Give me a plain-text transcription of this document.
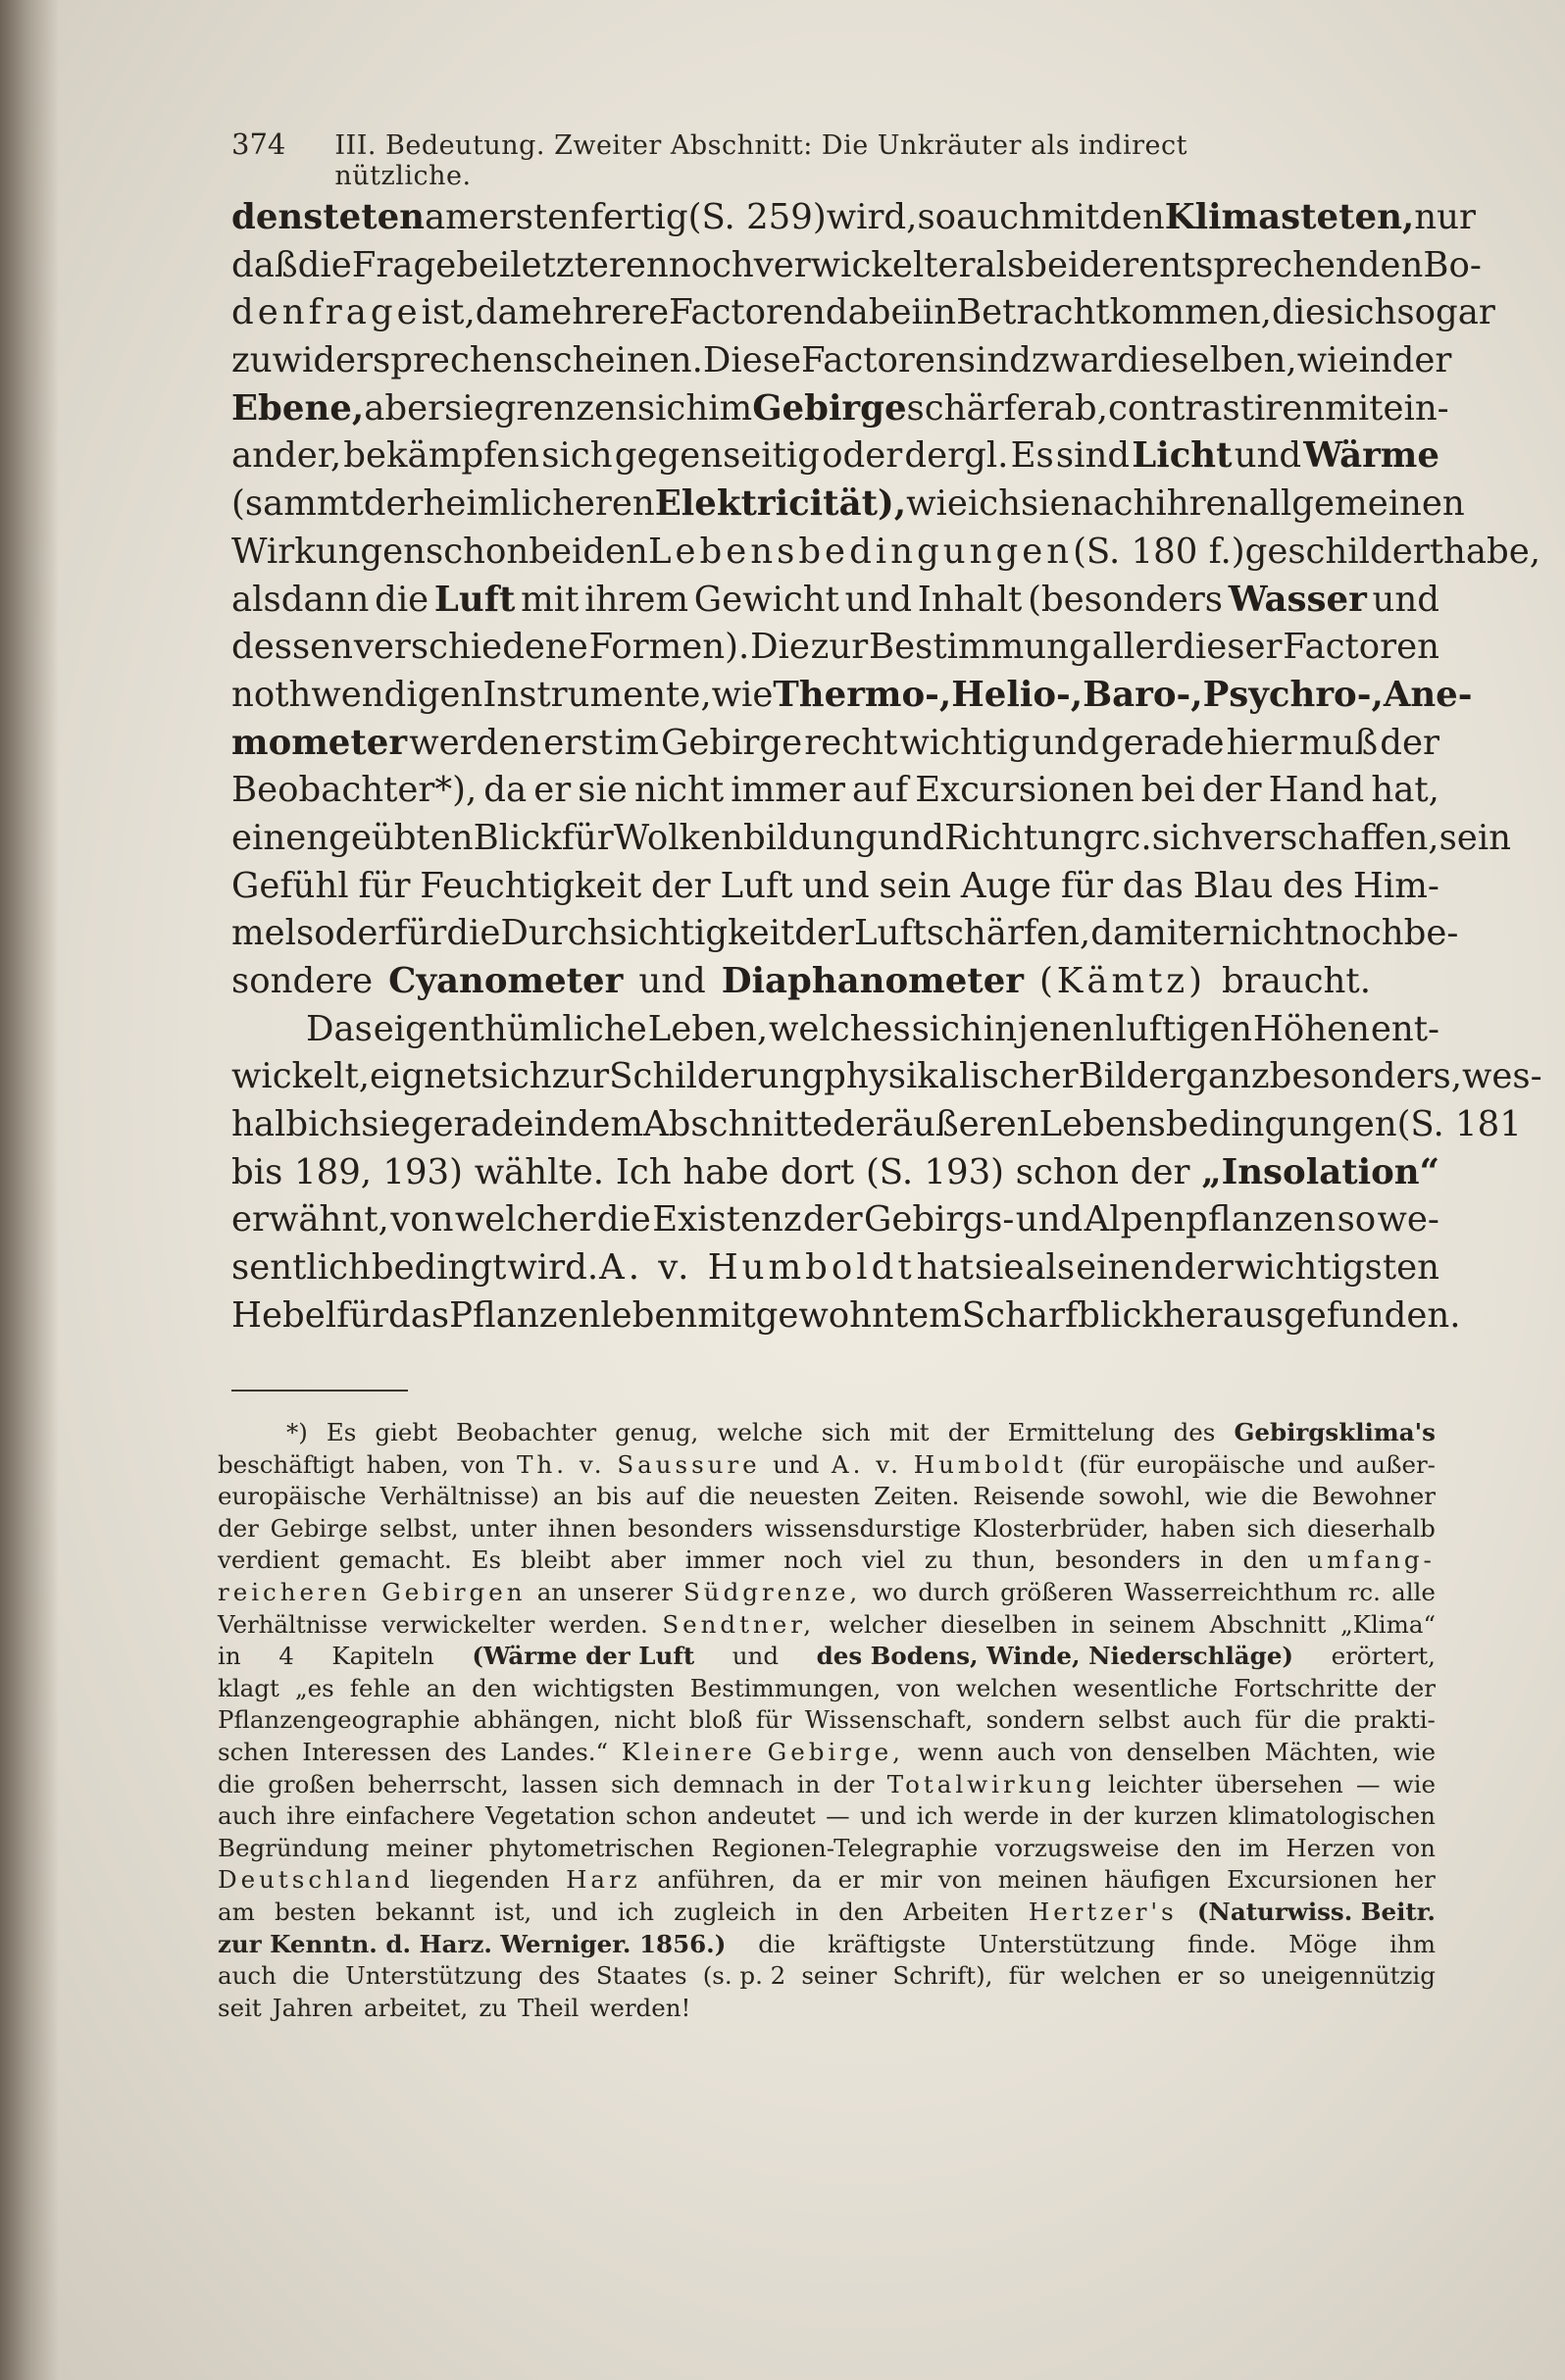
374 III. Bedeutung. Zweiter Abschnitt: Die Unkräuter als indirect nützliche.
densteten am ersten fertig (S. 259) wird, so auch mit den Klimasteten, nur
daß die Frage bei letzteren noch verwickelter als bei der entsprechenden Bo-
denfrage ist, da mehrere Factoren dabei in Betracht kommen, die sich sogar
zu widersprechen scheinen. Diese Factoren sind zwar dieselben, wie in der
Ebene, aber sie grenzen sich im Gebirge schärfer ab, contrastiren mit ein-
ander, bekämpfen sich gegenseitig oder dergl. Es sind Licht und Wärme
(sammt der heimlicheren Elektricität), wie ich sie nach ihren allgemeinen
Wirkungen schon bei den Lebensbedingungen (S. 180 f.) geschildert habe,
alsdann die Luft mit ihrem Gewicht und Inhalt (besonders Wasser und
dessen verschiedene Formen). Die zur Bestimmung aller dieser Factoren
nothwendigen Instrumente, wie Thermo-, Helio-, Baro-, Psychro-, Ane-
mometer werden erst im Gebirge recht wichtig und gerade hier muß der
Beobachter*), da er sie nicht immer auf Excursionen bei der Hand hat,
einen geübten Blick für Wolkenbildung und Richtung rc. sich verschaffen, sein
Gefühl für Feuchtigkeit der Luft und sein Auge für das Blau des Him-
mels oder für die Durchsichtigkeit der Luft schärfen, damit er nicht noch be-
sondere Cyanometer und Diaphanometer (Kämtz) braucht.
Das eigenthümliche Leben, welches sich in jenen luftigen Höhen ent-
wickelt, eignet sich zur Schilderung physikalischer Bilder ganz besonders, wes-
halb ich sie gerade in dem Abschnitte der äußeren Lebensbedingungen (S. 181
bis 189, 193) wählte. Ich habe dort (S. 193) schon der „Insolation“
erwähnt, von welcher die Existenz der Gebirgs- und Alpenpflanzen so we-
sentlich bedingt wird. A. v. Humboldt hat sie als einen der wichtigsten
Hebel für das Pflanzenleben mit gewohntem Scharfblick herausgefunden.
*) Es giebt Beobachter genug, welche sich mit der Ermittelung des Gebirgsklima's
beschäftigt haben, von Th. v. Saussure und A. v. Humboldt (für europäische und außer-
europäische Verhältnisse) an bis auf die neuesten Zeiten. Reisende sowohl, wie die Bewohner
der Gebirge selbst, unter ihnen besonders wissensdurstige Klosterbrüder, haben sich dieserhalb
verdient gemacht. Es bleibt aber immer noch viel zu thun, besonders in den umfang-
reicheren Gebirgen an unserer Südgrenze, wo durch größeren Wasserreichthum rc. alle
Verhältnisse verwickelter werden. Sendtner, welcher dieselben in seinem Abschnitt „Klima“
in 4 Kapiteln (Wärme der Luft und des Bodens, Winde, Niederschläge) erörtert,
klagt „es fehle an den wichtigsten Bestimmungen, von welchen wesentliche Fortschritte der
Pflanzengeographie abhängen, nicht bloß für Wissenschaft, sondern selbst auch für die prakti-
schen Interessen des Landes.“ Kleinere Gebirge, wenn auch von denselben Mächten, wie
die großen beherrscht, lassen sich demnach in der Totalwirkung leichter übersehen — wie
auch ihre einfachere Vegetation schon andeutet — und ich werde in der kurzen klimatologischen
Begründung meiner phytometrischen Regionen-Telegraphie vorzugsweise den im Herzen von
Deutschland liegenden Harz anführen, da er mir von meinen häufigen Excursionen her
am besten bekannt ist, und ich zugleich in den Arbeiten Hertzer's (Naturwiss. Beitr.
zur Kenntn. d. Harz. Werniger. 1856.) die kräftigste Unterstützung finde. Möge ihm
auch die Unterstützung des Staates (s. p. 2 seiner Schrift), für welchen er so uneigennützig
seit Jahren arbeitet, zu Theil werden!
